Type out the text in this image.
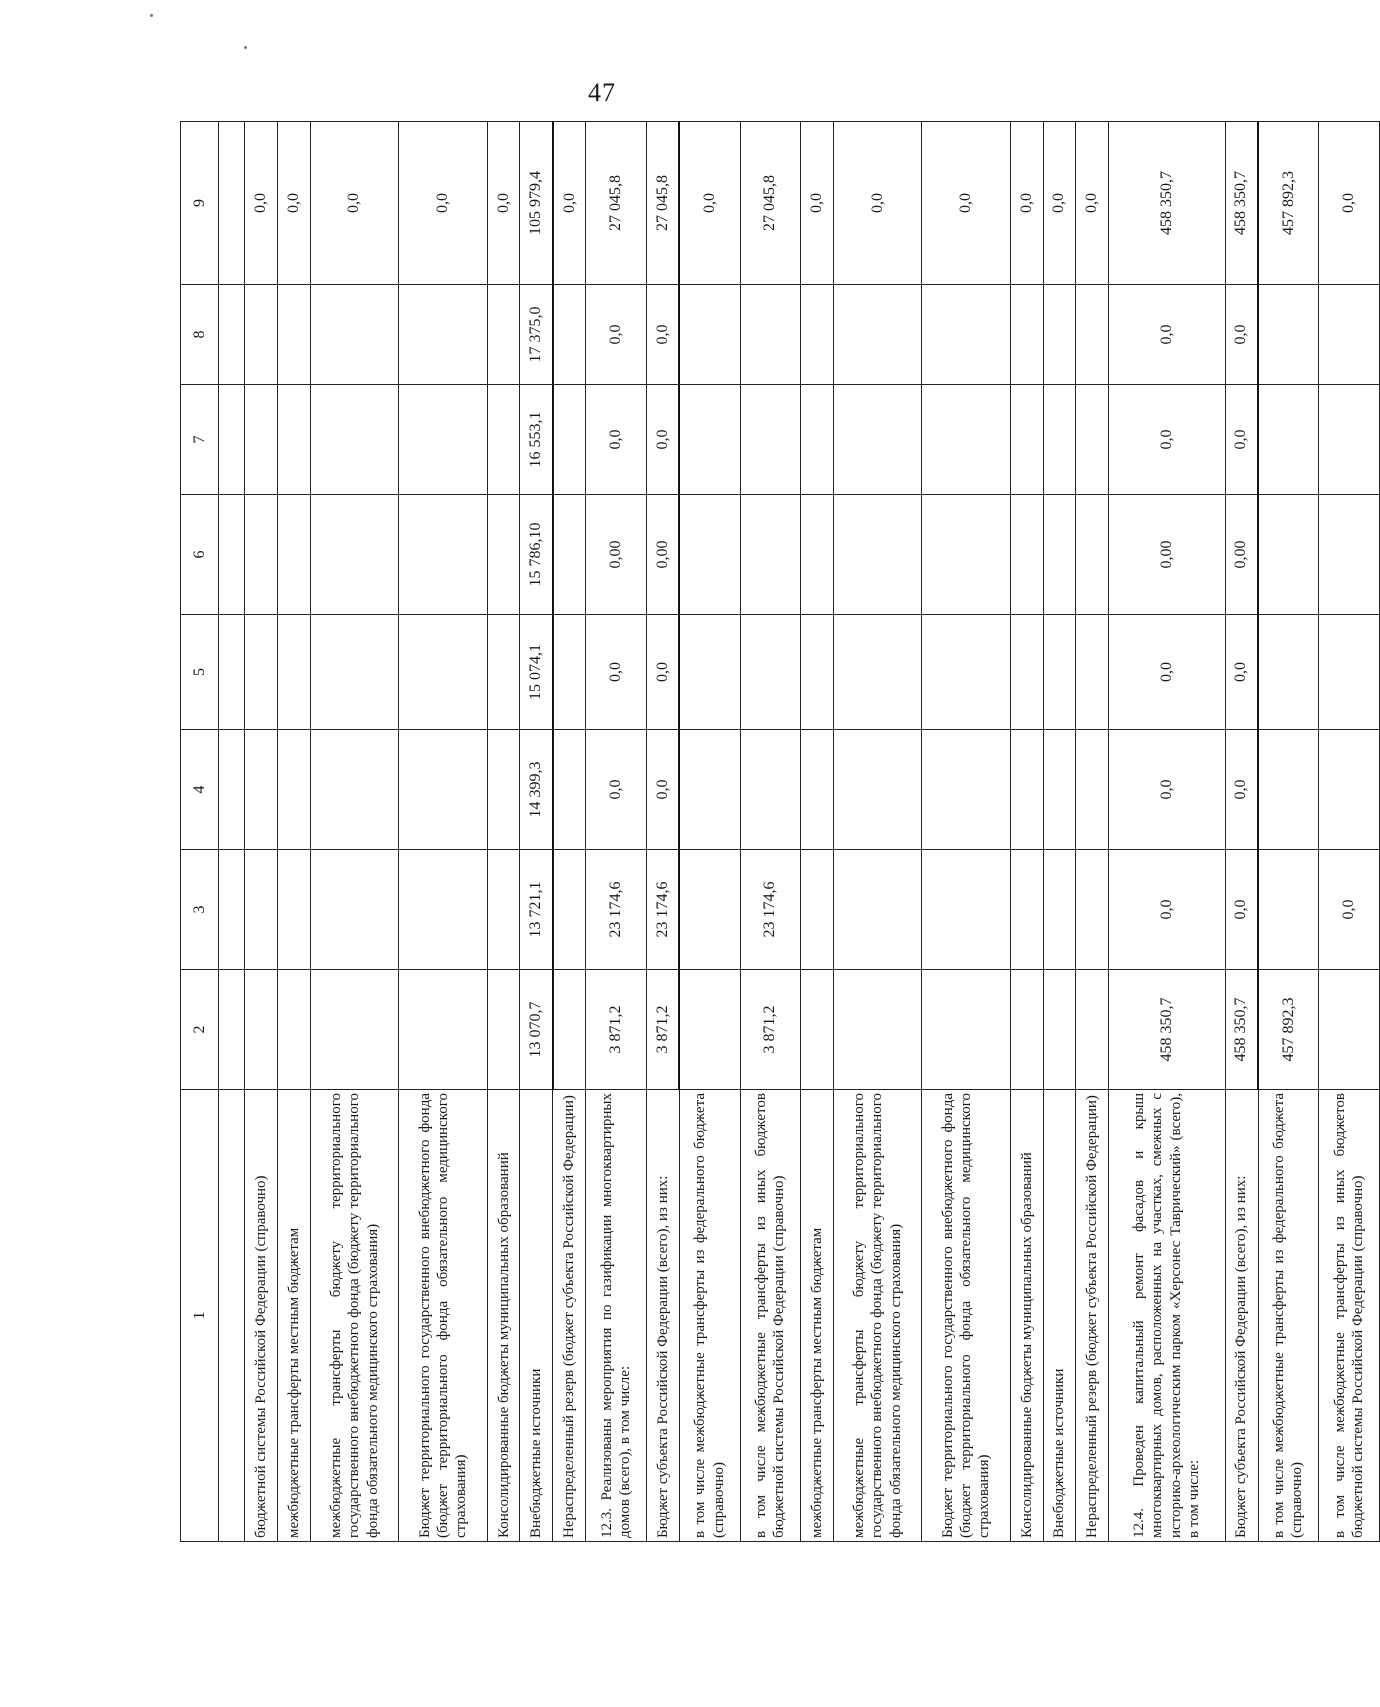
47
1	2	3	4	5	6	7	8	9

бюджетной системы Российской Федерации (справочно)								0,0
межбюджетные трансферты местным бюджетам								0,0
межбюджетные трансферты бюджету территориального государственного внебюджетного фонда (бюджету территориального фонда обязательного медицинского страхования)								0,0
Бюджет территориального государственного внебюджетного фонда (бюджет территориального фонда обязательного медицинского страхования)								0,0
Консолидированные бюджеты муниципальных образований								0,0
Внебюджетные источники	13 070,7	13 721,1	14 399,3	15 074,1	15 786,10	16 553,1	17 375,0	105 979,4
Нераспределенный резерв (бюджет субъекта Российской Федерации)								0,0
12.3. Реализованы мероприятия по газификации многоквартирных домов (всего), в том числе:	3 871,2	23 174,6	0,0	0,0	0,00	0,0	0,0	27 045,8
Бюджет субъекта Российской Федерации (всего), из них:	3 871,2	23 174,6	0,0	0,0	0,00	0,0	0,0	27 045,8
в том числе межбюджетные трансферты из федерального бюджета (справочно)								0,0
в том числе межбюджетные трансферты из иных бюджетов бюджетной системы Российской Федерации (справочно)	3 871,2	23 174,6						27 045,8
межбюджетные трансферты местным бюджетам								0,0
межбюджетные трансферты бюджету территориального государственного внебюджетного фонда (бюджету территориального фонда обязательного медицинского страхования)								0,0
Бюджет территориального государственного внебюджетного фонда (бюджет территориального фонда обязательного медицинского страхования)								0,0
Консолидированные бюджеты муниципальных образований								0,0
Внебюджетные источники								0,0
Нераспределенный резерв (бюджет субъекта Российской Федерации)								0,0
12.4. Проведен капитальный ремонт фасадов и крыш многоквартирных домов, расположенных на участках, смежных с историко-археологическим парком «Херсонес Таврический» (всего), в том числе:	458 350,7	0,0	0,0	0,0	0,00	0,0	0,0	458 350,7
Бюджет субъекта Российской Федерации (всего), из них:	458 350,7	0,0	0,0	0,0	0,00	0,0	0,0	458 350,7
в том числе межбюджетные трансферты из федерального бюджета (справочно)	457 892,3							457 892,3
в том числе межбюджетные трансферты из иных бюджетов бюджетной системы Российской Федерации (справочно)		0,0						0,0
